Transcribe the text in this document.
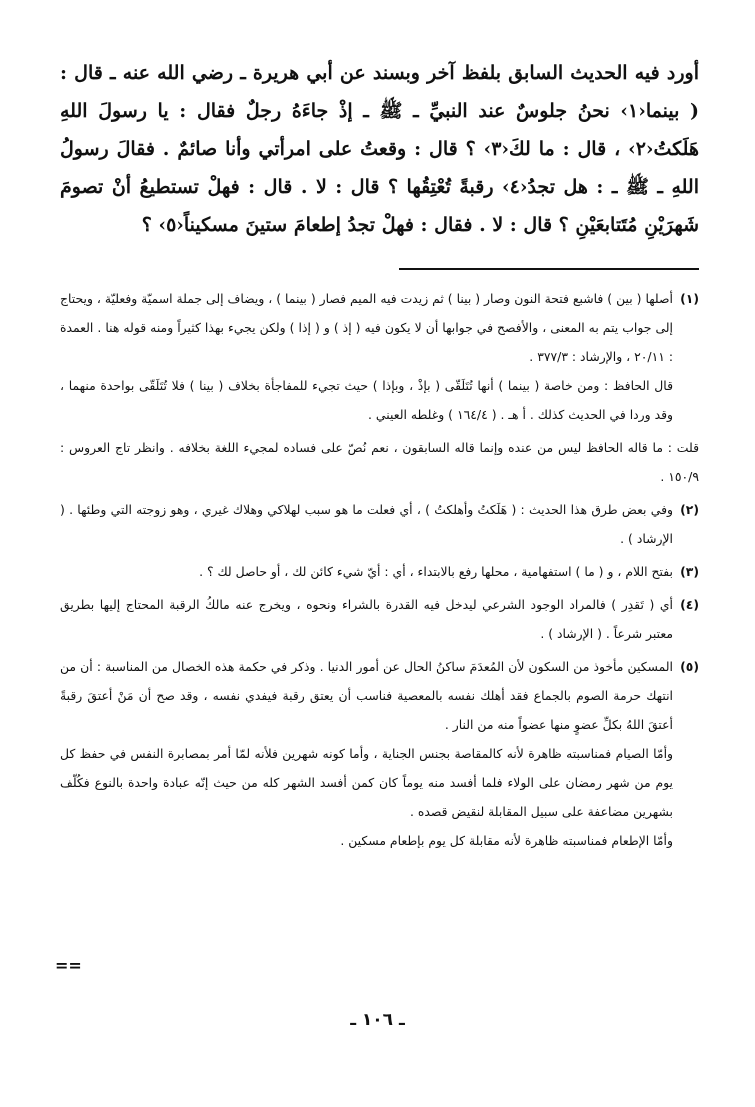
أورد فيه الحديث السابق بلفظ آخر وبسند عن أبي هريرة ـ رضي الله عنه ـ قال : ( بينما‹١› نحنُ جلوسٌ عند النبيِّ ـ ﷺ ـ إذْ جاءَهُ رجلٌ فقال : يا رسولَ اللهِ هَلَكتُ‹٢› ، قال : ما لكَ‹٣› ؟ قال : وقعتُ على امرأتي وأنا صائمٌ . فقالَ رسولُ اللهِ ـ ﷺ ـ : هل تجدُ‹٤› رقبةً تُعْتِقُها ؟ قال : لا . قال : فهلْ تستطيعُ أنْ تصومَ شَهرَيْنِ مُتَتابعَيْنِ ؟ قال : لا . فقال : فهلْ تجدُ إطعامَ ستينَ مسكيناً‹٥› ؟

(١)

أصلها ( بين ) فاشبع فتحة النون وصار ( بينا ) ثم زيدت فيه الميم فصار ( بينما ) ، ويضاف إلى جملة اسميّة وفعليّة ، ويحتاج إلى جواب يتم به المعنى ، والأفصح في جوابها أن لا يكون فيه ( إذ ) و ( إذا ) ولكن يجيء بهذا كثيراً ومنه قوله هنا . العمدة : ٢٠/١١ ، والإرشاد : ٣٧٧/٣ .

قال الحافظ : ومن خاصة ( بينما ) أنها تُتَلَقّى ( بإذْ ، وبإذا ) حيث تجيء للمفاجأة بخلاف ( بينا ) فلا تُتَلَقّى بواحدة منهما ، وقد وردا في الحديث كذلك . أ هـ . ( ١٦٤/٤ ) وغلطه العيني .

قلت : ما قاله الحافظ ليس من عنده وإنما قاله السابقون ، نعم نُصّ على فساده لمجيء اللغة بخلافه . وانظر تاج العروس : ١٥٠/٩ .

(٢)

وفي بعض طرق هذا الحديث : ( هَلَكتُ وأهلكتُ ) ، أي فعلت ما هو سبب لهلاكي وهلاك غيري ، وهو زوجته التي وطئها . ( الإرشاد ) .

(٣)

بفتح اللام ، و ( ما ) استفهامية ، محلها رفع بالابتداء ، أي : أيّ شيء كائن لك ، أو حاصل لك ؟ .

(٤)

أي ( تَقدِر ) فالمراد الوجود الشرعي ليدخل فيه القدرة بالشراء ونحوه ، ويخرج عنه مالكُ الرقبة المحتاج إليها بطريق معتبر شرعاً . ( الإرشاد ) .

(٥)

المسكين مأخوذ من السكون لأن المُعدَمَ ساكنُ الحال عن أمور الدنيا . وذكر في حكمة هذه الخصال من المناسبة : أن من انتهك حرمة الصوم بالجماع فقد أهلك نفسه بالمعصية فناسب أن يعتق رقبة فيفدي نفسه ، وقد صح أن مَنْ أعتقَ رقبةً أعتقَ اللهُ بكلِّ عضوٍ منها عضواً منه من النار .

وأمّا الصيام فمناسبته ظاهرة لأنه كالمقاصة بجنس الجناية ، وأما كونه شهرين فلأنه لمّا أمر بمصابرة النفس في حفظ كل يوم من شهر رمضان على الولاء فلما أفسد منه يوماً كان كمن أفسد الشهر كله من حيث إنّه عبادة واحدة بالنوع فكُلّف بشهرين مضاعفة على سبيل المقابلة لنقيض قصده .

وأمّا الإطعام فمناسبته ظاهرة لأنه مقابلة كل يوم بإطعام مسكين .

==
ـ ١٠٦ ـ
